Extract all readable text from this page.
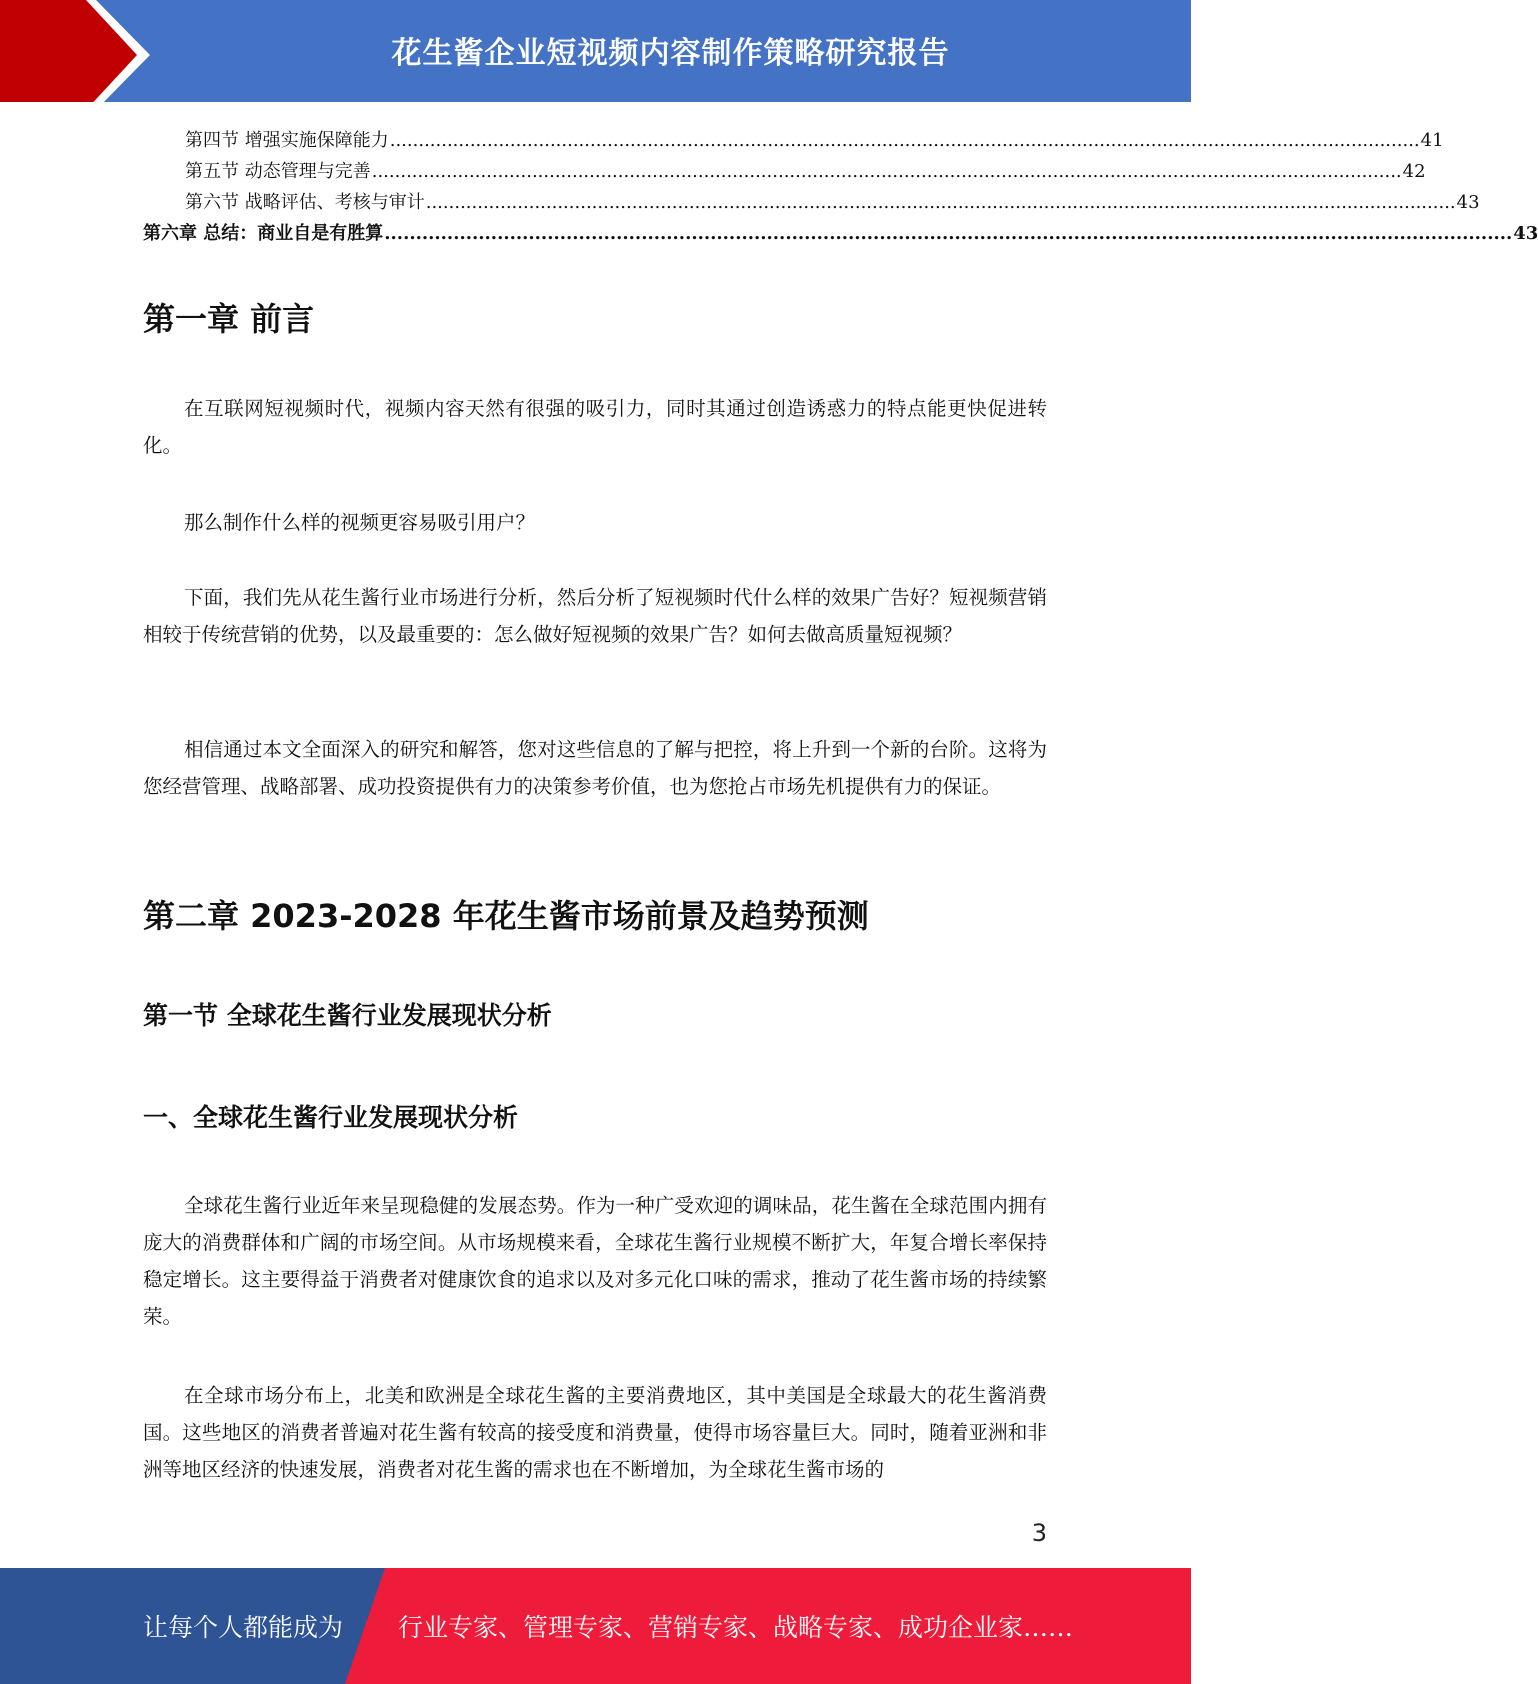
花生酱企业短视频内容制作策略研究报告
第四节 增强实施保障能力 .................................................................................................................................................................................... 41
第五节 动态管理与完善 .................................................................................................................................................................................... 42
第六节 战略评估、考核与审计 .................................................................................................................................................................................... 43
第六章 总结：商业自是有胜算 .................................................................................................................................................................................... 43
第一章 前言

在互联网短视频时代，视频内容天然有很强的吸引力，同时其通过创造诱惑力的特点能更快促进转化。

那么制作什么样的视频更容易吸引用户？

下面，我们先从花生酱行业市场进行分析，然后分析了短视频时代什么样的效果广告好？短视频营销相较于传统营销的优势，以及最重要的：怎么做好短视频的效果广告？如何去做高质量短视频？

相信通过本文全面深入的研究和解答，您对这些信息的了解与把控，将上升到一个新的台阶。这将为您经营管理、战略部署、成功投资提供有力的决策参考价值，也为您抢占市场先机提供有力的保证。

第二章 2023-2028 年花生酱市场前景及趋势预测
第一节 全球花生酱行业发展现状分析
一、全球花生酱行业发展现状分析

全球花生酱行业近年来呈现稳健的发展态势。作为一种广受欢迎的调味品，花生酱在全球范围内拥有庞大的消费群体和广阔的市场空间。从市场规模来看，全球花生酱行业规模不断扩大，年复合增长率保持稳定增长。这主要得益于消费者对健康饮食的追求以及对多元化口味的需求，推动了花生酱市场的持续繁荣。

在全球市场分布上，北美和欧洲是全球花生酱的主要消费地区，其中美国是全球最大的花生酱消费国。这些地区的消费者普遍对花生酱有较高的接受度和消费量，使得市场容量巨大。同时，随着亚洲和非洲等地区经济的快速发展，消费者对花生酱的需求也在不断增加，为全球花生酱市场的

3
让每个人都能成为 行业专家、管理专家、营销专家、战略专家、成功企业家……
